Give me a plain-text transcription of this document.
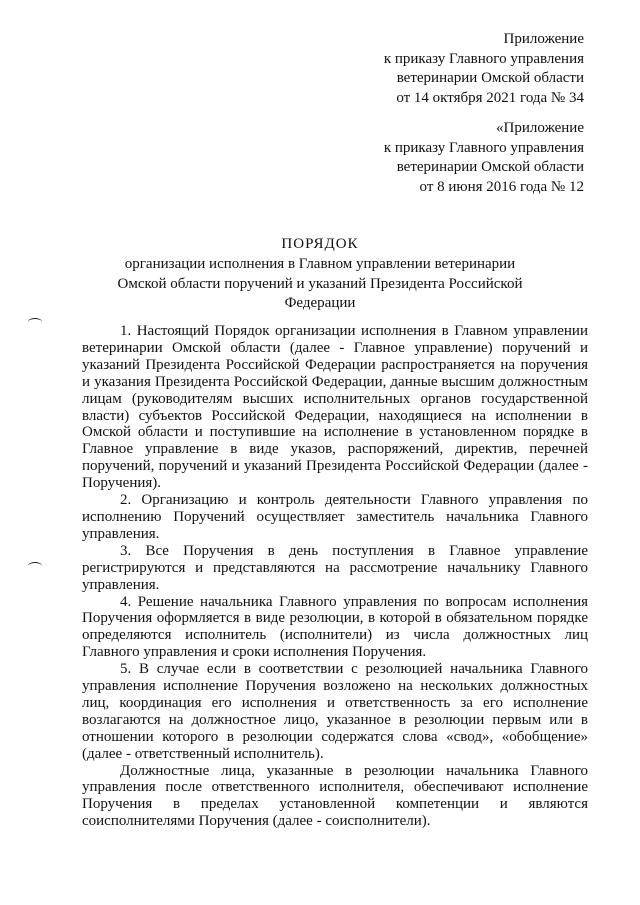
Приложение
к приказу Главного управления
ветеринарии Омской области
от 14 октября 2021 года № 34
«Приложение
к приказу Главного управления
ветеринарии Омской области
от 8 июня 2016 года № 12
ПОРЯДОК
организации исполнения в Главном управлении ветеринарии Омской области поручений и указаний Президента Российской Федерации

1. Настоящий Порядок организации исполнения в Главном управлении ветеринарии Омской области (далее - Главное управление) поручений и указаний Президента Российской Федерации распространяется на поручения и указания Президента Российской Федерации, данные высшим должностным лицам (руководителям высших исполнительных органов государственной власти) субъектов Российской Федерации, находящиеся на исполнении в Омской области и поступившие на исполнение в установленном порядке в Главное управление в виде указов, распоряжений, директив, перечней поручений, поручений и указаний Президента Российской Федерации (далее - Поручения).

2. Организацию и контроль деятельности Главного управления по исполнению Поручений осуществляет заместитель начальника Главного управления.

3. Все Поручения в день поступления в Главное управление регистрируются и представляются на рассмотрение начальнику Главного управления.

4. Решение начальника Главного управления по вопросам исполнения Поручения оформляется в виде резолюции, в которой в обязательном порядке определяются исполнитель (исполнители) из числа должностных лиц Главного управления и сроки исполнения Поручения.

5. В случае если в соответствии с резолюцией начальника Главного управления исполнение Поручения возложено на нескольких должностных лиц, координация его исполнения и ответственность за его исполнение возлагаются на должностное лицо, указанное в резолюции первым или в отношении которого в резолюции содержатся слова «свод», «обобщение» (далее - ответственный исполнитель).

Должностные лица, указанные в резолюции начальника Главного управления после ответственного исполнителя, обеспечивают исполнение Поручения в пределах установленной компетенции и являются соисполнителями Поручения (далее - соисполнители).
